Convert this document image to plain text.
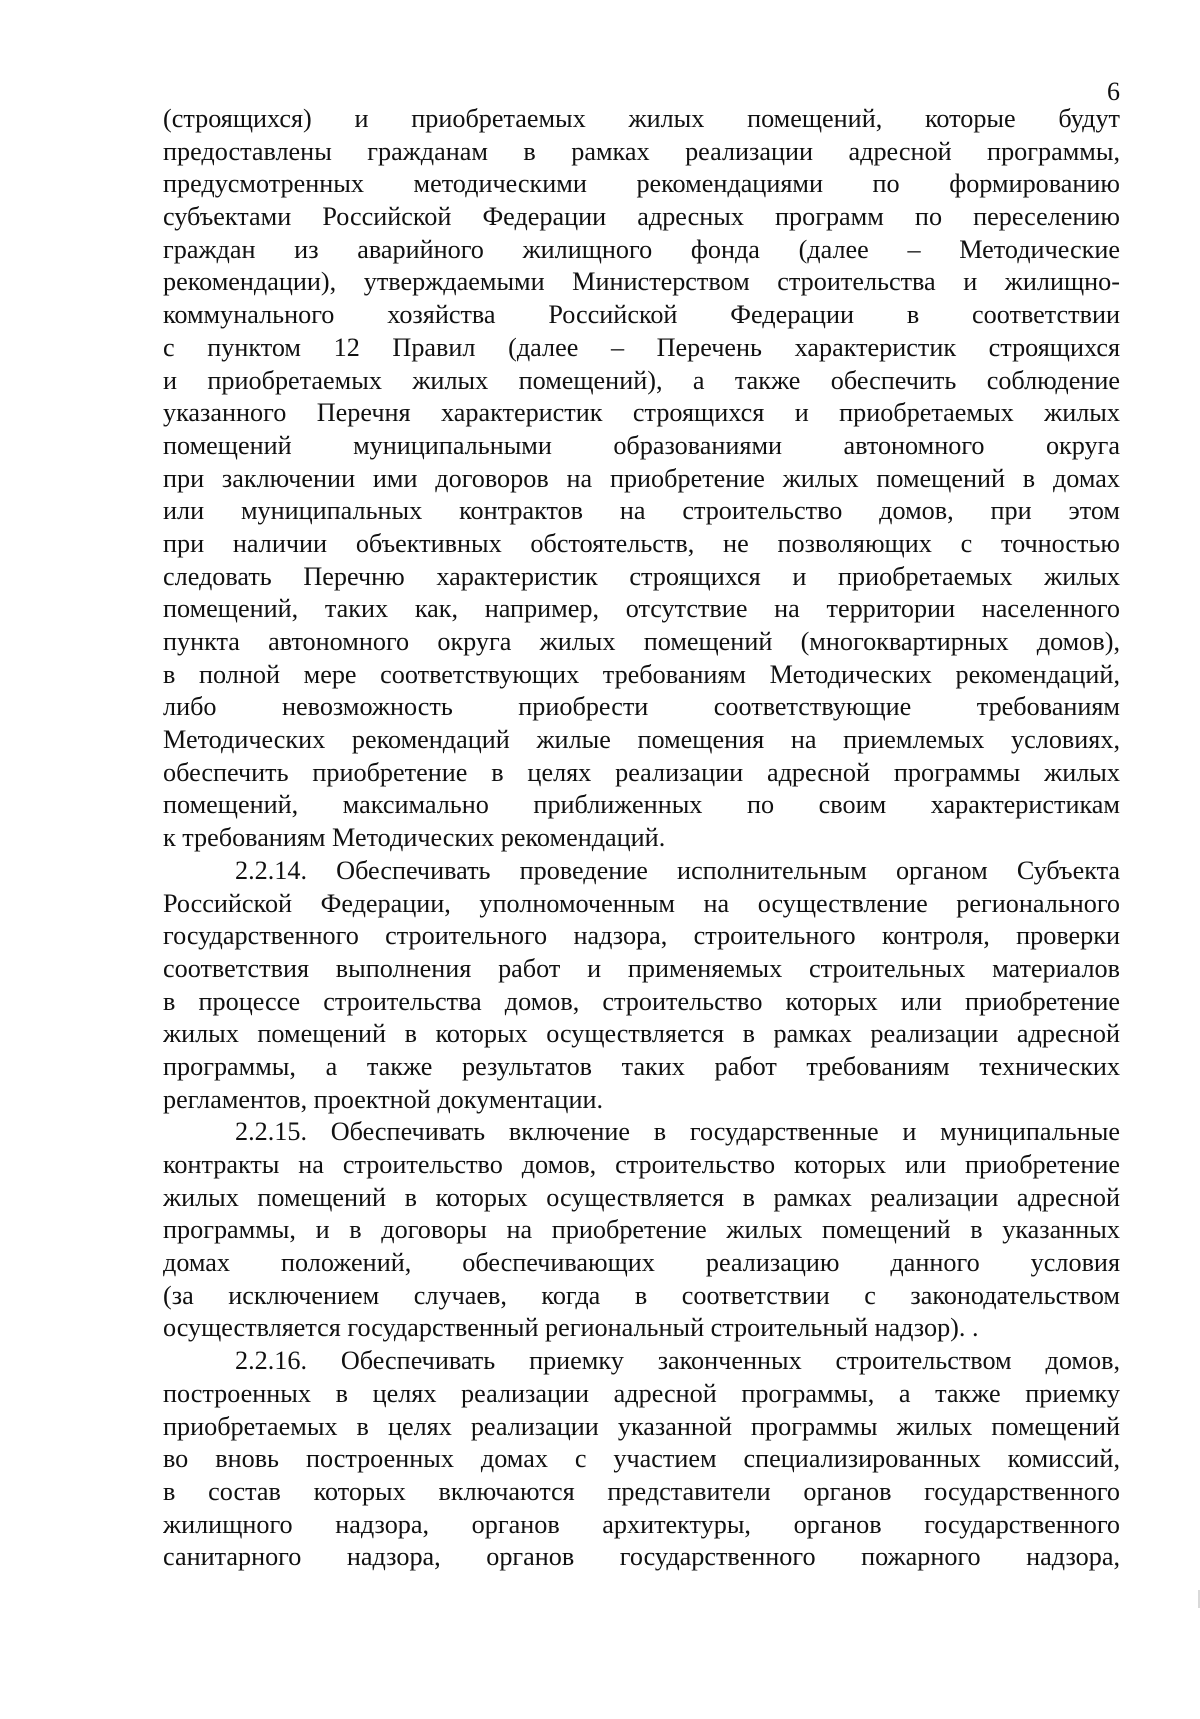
6
(строящихся) и приобретаемых жилых помещений, которые будут
предоставлены гражданам в рамках реализации адресной программы,
предусмотренных методическими рекомендациями по формированию
субъектами Российской Федерации адресных программ по переселению
граждан из аварийного жилищного фонда (далее – Методические
рекомендации), утверждаемыми Министерством строительства и жилищно-
коммунального хозяйства Российской Федерации в соответствии
с пунктом 12 Правил (далее – Перечень характеристик строящихся
и приобретаемых жилых помещений), а также обеспечить соблюдение
указанного Перечня характеристик строящихся и приобретаемых жилых
помещений муниципальными образованиями автономного округа
при заключении ими договоров на приобретение жилых помещений в домах
или муниципальных контрактов на строительство домов, при этом
при наличии объективных обстоятельств, не позволяющих с точностью
следовать Перечню характеристик строящихся и приобретаемых жилых
помещений, таких как, например, отсутствие на территории населенного
пункта автономного округа жилых помещений (многоквартирных домов),
в полной мере соответствующих требованиям Методических рекомендаций,
либо невозможность приобрести соответствующие требованиям
Методических рекомендаций жилые помещения на приемлемых условиях,
обеспечить приобретение в целях реализации адресной программы жилых
помещений, максимально приближенных по своим характеристикам
к требованиям Методических рекомендаций.
2.2.14. Обеспечивать проведение исполнительным органом Субъекта
Российской Федерации, уполномоченным на осуществление регионального
государственного строительного надзора, строительного контроля, проверки
соответствия выполнения работ и применяемых строительных материалов
в процессе строительства домов, строительство которых или приобретение
жилых помещений в которых осуществляется в рамках реализации адресной
программы, а также результатов таких работ требованиям технических
регламентов, проектной документации.
2.2.15. Обеспечивать включение в государственные и муниципальные
контракты на строительство домов, строительство которых или приобретение
жилых помещений в которых осуществляется в рамках реализации адресной
программы, и в договоры на приобретение жилых помещений в указанных
домах положений, обеспечивающих реализацию данного условия
(за исключением случаев, когда в соответствии с законодательством
осуществляется государственный региональный строительный надзор). .
2.2.16. Обеспечивать приемку законченных строительством домов,
построенных в целях реализации адресной программы, а также приемку
приобретаемых в целях реализации указанной программы жилых помещений
во вновь построенных домах с участием специализированных комиссий,
в состав которых включаются представители органов государственного
жилищного надзора, органов архитектуры, органов государственного
санитарного надзора, органов государственного пожарного надзора,
